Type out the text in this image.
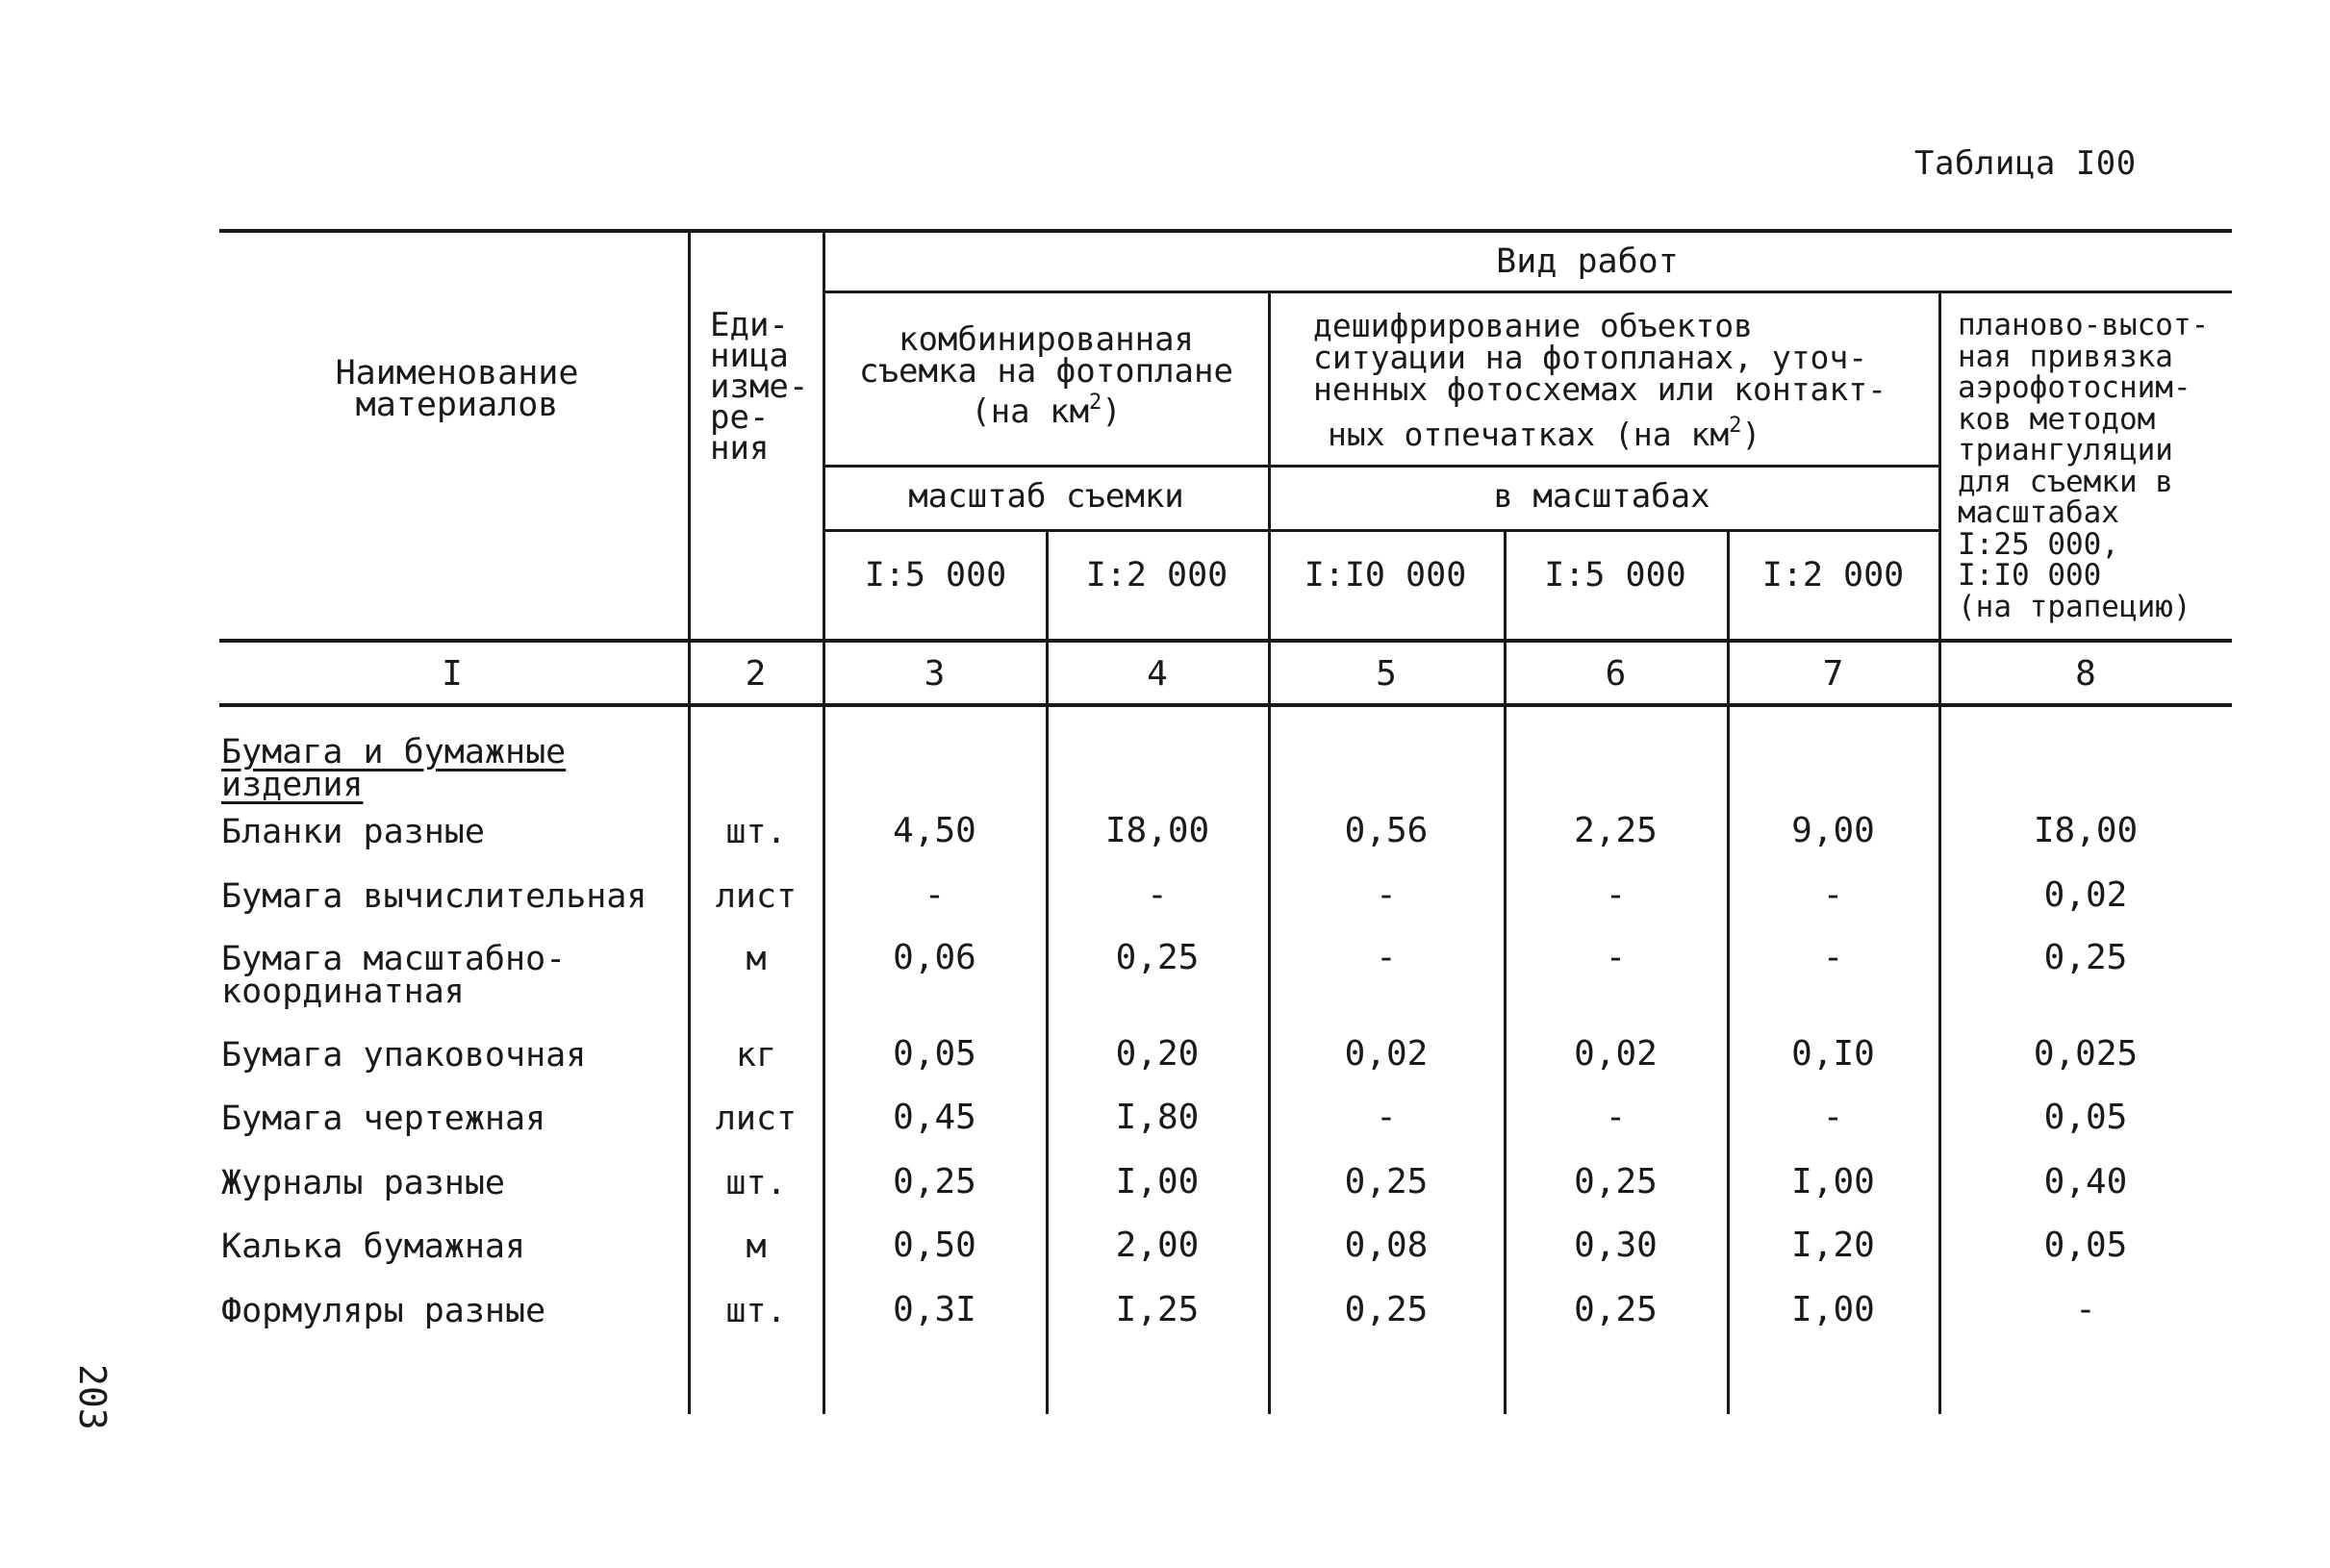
Таблица I00
Наименование
материалов
Еди-
ница
изме-
ре-
ния
Вид работ
комбинированная
съемка на фотоплане
(на $км^2$)
дешифрирование объектов
ситуации на фотопланах, уточ-
ненных фотосхемах или контакт-
ных отпечатках (на $км^2$)
планово-высот-
ная привязка
аэрофотосним-
ков методом
триангуляции
для съемки в
масштабах
I:25 000,
I:I0 000
(на трапецию)
масштаб съемки	в масштабах
I:5 000	I:2 000	I:I0 000	I:5 000	I:2 000
I	2	3	4	5	6	7	8
Бумага и бумажные
изделия
Бланки разные	шт.	4,50	I8,00	0,56	2,25	9,00	I8,00
Бумага вычислительная	лист	-	-	-	-	-	0,02
Бумага масштабно-
координатная
м	0,06	0,25	-	-	-	0,25
Бумага упаковочная	кг	0,05	0,20	0,02	0,02	0,I0	0,025
Бумага чертежная	лист	0,45	I,80	-	-	-	0,05
Журналы разные	шт.	0,25	I,00	0,25	0,25	I,00	0,40
Калька бумажная	м	0,50	2,00	0,08	0,30	I,20	0,05
Формуляры разные	шт.	0,3I	I,25	0,25	0,25	I,00	-
203
